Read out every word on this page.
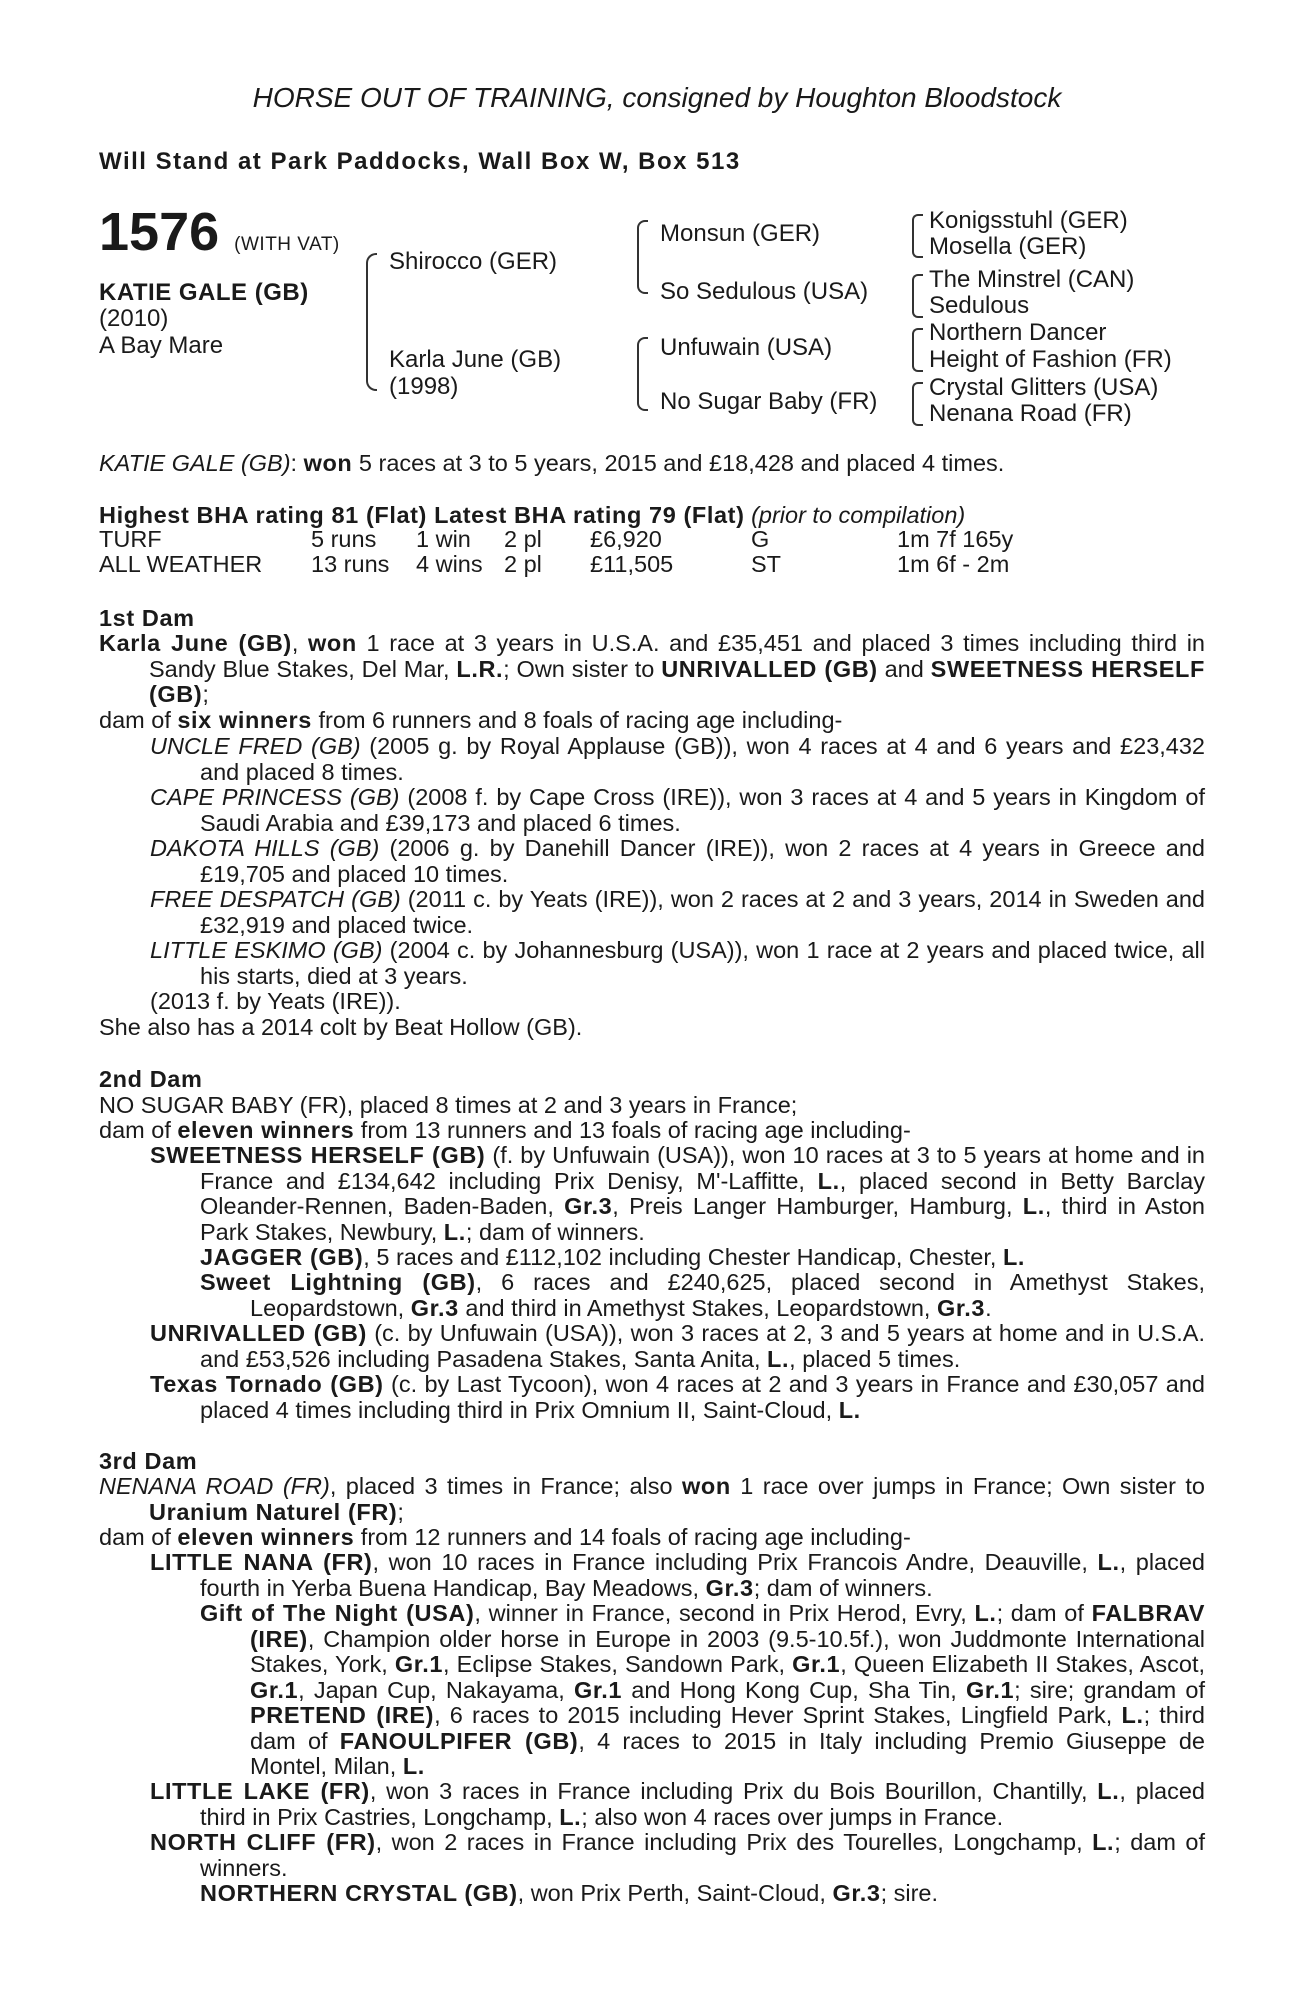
HORSE OUT OF TRAINING, consigned by Houghton Bloodstock
Will Stand at Park Paddocks, Wall Box W, Box 513
1576 (WITH VAT)
KATIE GALE (GB)
(2010)
A Bay Mare
Shirocco (GER)
Karla June (GB)
(1998)
Monsun (GER)
So Sedulous (USA)
Unfuwain (USA)
No Sugar Baby (FR)
Konigsstuhl (GER)
Mosella (GER)
The Minstrel (CAN)
Sedulous
Northern Dancer
Height of Fashion (FR)
Crystal Glitters (USA)
Nenana Road (FR)
KATIE GALE (GB): won 5 races at 3 to 5 years, 2015 and £18,428 and placed 4 times.
Highest BHA rating 81 (Flat) Latest BHA rating 79 (Flat) (prior to compilation)
TURF	5 runs	1 win	2 pl	£6,920	G	1m 7f 165y
ALL WEATHER	13 runs	4 wins	2 pl	£11,505	ST	1m 6f - 2m
1st Dam
Karla June (GB), won 1 race at 3 years in U.S.A. and £35,451 and placed 3 times including third in Sandy Blue Stakes, Del Mar, L.R.; Own sister to UNRIVALLED (GB) and SWEETNESS HERSELF (GB);
dam of six winners from 6 runners and 8 foals of racing age including-
UNCLE FRED (GB) (2005 g. by Royal Applause (GB)), won 4 races at 4 and 6 years and £23,432 and placed 8 times.
CAPE PRINCESS (GB) (2008 f. by Cape Cross (IRE)), won 3 races at 4 and 5 years in Kingdom of Saudi Arabia and £39,173 and placed 6 times.
DAKOTA HILLS (GB) (2006 g. by Danehill Dancer (IRE)), won 2 races at 4 years in Greece and £19,705 and placed 10 times.
FREE DESPATCH (GB) (2011 c. by Yeats (IRE)), won 2 races at 2 and 3 years, 2014 in Sweden and £32,919 and placed twice.
LITTLE ESKIMO (GB) (2004 c. by Johannesburg (USA)), won 1 race at 2 years and placed twice, all his starts, died at 3 years.
(2013 f. by Yeats (IRE)).
She also has a 2014 colt by Beat Hollow (GB).
2nd Dam
NO SUGAR BABY (FR), placed 8 times at 2 and 3 years in France;
dam of eleven winners from 13 runners and 13 foals of racing age including-
SWEETNESS HERSELF (GB) (f. by Unfuwain (USA)), won 10 races at 3 to 5 years at home and in France and £134,642 including Prix Denisy, M'-Laffitte, L., placed second in Betty Barclay Oleander-Rennen, Baden-Baden, Gr.3, Preis Langer Hamburger, Hamburg, L., third in Aston Park Stakes, Newbury, L.; dam of winners.
JAGGER (GB), 5 races and £112,102 including Chester Handicap, Chester, L.
Sweet Lightning (GB), 6 races and £240,625, placed second in Amethyst Stakes, Leopardstown, Gr.3 and third in Amethyst Stakes, Leopardstown, Gr.3.
UNRIVALLED (GB) (c. by Unfuwain (USA)), won 3 races at 2, 3 and 5 years at home and in U.S.A. and £53,526 including Pasadena Stakes, Santa Anita, L., placed 5 times.
Texas Tornado (GB) (c. by Last Tycoon), won 4 races at 2 and 3 years in France and £30,057 and placed 4 times including third in Prix Omnium II, Saint-Cloud, L.
3rd Dam
NENANA ROAD (FR), placed 3 times in France; also won 1 race over jumps in France; Own sister to Uranium Naturel (FR);
dam of eleven winners from 12 runners and 14 foals of racing age including-
LITTLE NANA (FR), won 10 races in France including Prix Francois Andre, Deauville, L., placed fourth in Yerba Buena Handicap, Bay Meadows, Gr.3; dam of winners.
Gift of The Night (USA), winner in France, second in Prix Herod, Evry, L.; dam of FALBRAV (IRE), Champion older horse in Europe in 2003 (9.5-10.5f.), won Juddmonte International Stakes, York, Gr.1, Eclipse Stakes, Sandown Park, Gr.1, Queen Elizabeth II Stakes, Ascot, Gr.1, Japan Cup, Nakayama, Gr.1 and Hong Kong Cup, Sha Tin, Gr.1; sire; grandam of PRETEND (IRE), 6 races to 2015 including Hever Sprint Stakes, Lingfield Park, L.; third dam of FANOULPIFER (GB), 4 races to 2015 in Italy including Premio Giuseppe de Montel, Milan, L.
LITTLE LAKE (FR), won 3 races in France including Prix du Bois Bourillon, Chantilly, L., placed third in Prix Castries, Longchamp, L.; also won 4 races over jumps in France.
NORTH CLIFF (FR), won 2 races in France including Prix des Tourelles, Longchamp, L.; dam of winners.
NORTHERN CRYSTAL (GB), won Prix Perth, Saint-Cloud, Gr.3; sire.
